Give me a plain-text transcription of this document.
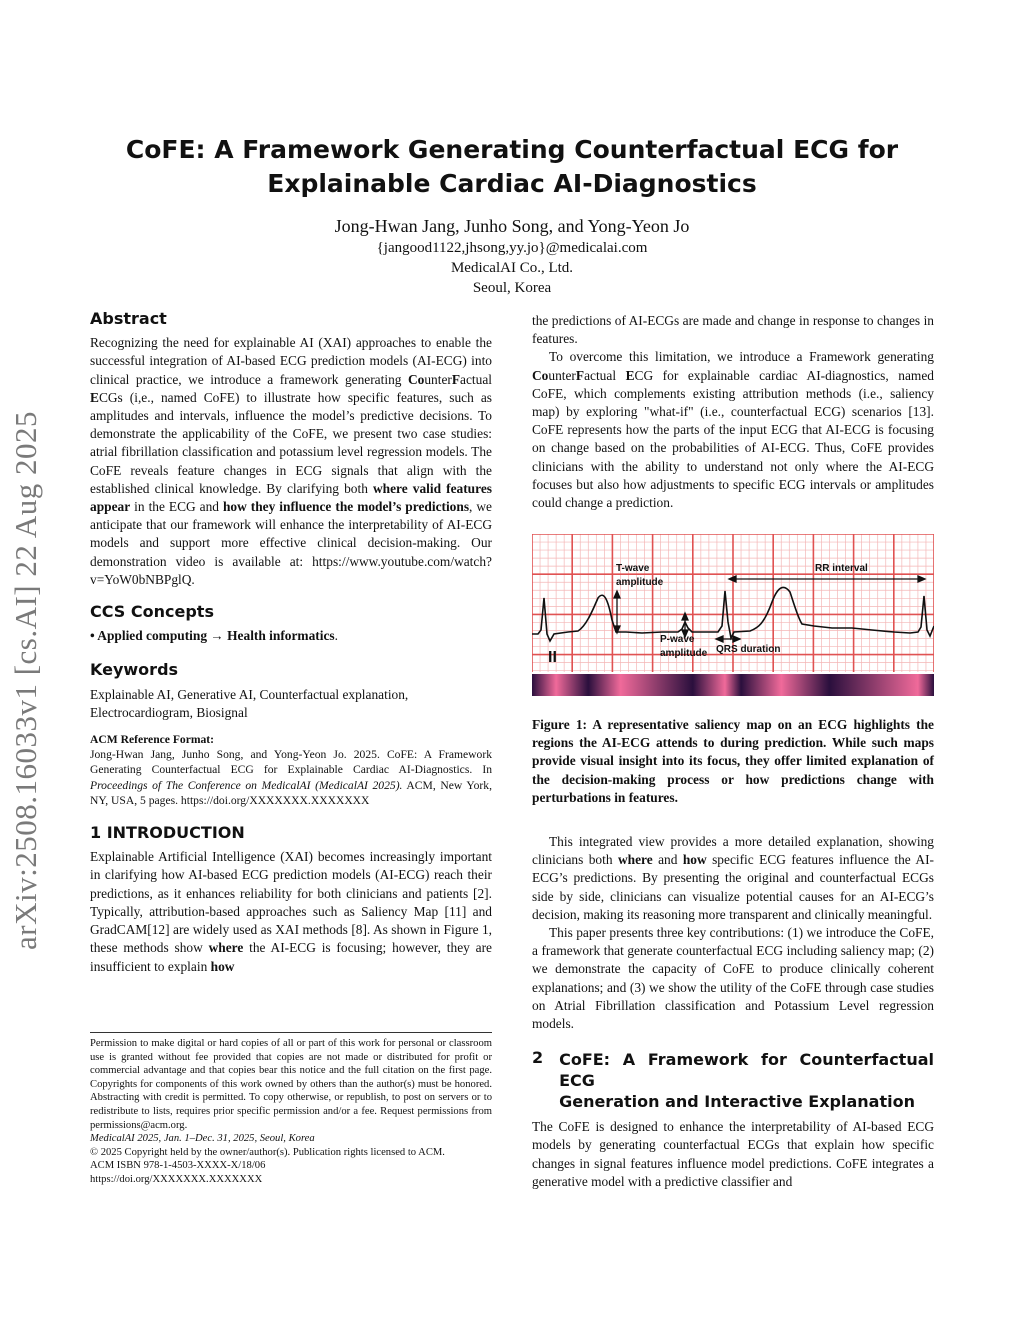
arXiv:2508.16033v1 [cs.AI] 22 Aug 2025
CoFE: A Framework Generating Counterfactual ECG for
Explainable Cardiac AI-Diagnostics
Jong-Hwan Jang, Junho Song, and Yong-Yeon Jo
{jangood1122,jhsong,yy.jo}@medicalai.com
MedicalAI Co., Ltd.
Seoul, Korea
Abstract

Recognizing the need for explainable AI (XAI) approaches to enable the successful integration of AI-based ECG prediction models (AI-ECG) into clinical practice, we introduce a framework generating CounterFactual ECGs (i,e., named CoFE) to illustrate how specific features, such as amplitudes and intervals, influence the model’s predictive decisions. To demonstrate the applicability of the CoFE, we present two case studies: atrial fibrillation classification and potassium level regression models. The CoFE reveals feature changes in ECG signals that align with the established clinical knowledge. By clarifying both where valid features appear in the ECG and how they influence the model’s predictions, we anticipate that our framework will enhance the interpretability of AI-ECG models and support more effective clinical decision-making. Our demonstration video is available at: https://www.youtube.com/watch?v=YoW0bNBPglQ.

CCS Concepts

• Applied computing → Health informatics.

Keywords

Explainable AI, Generative AI, Counterfactual explanation, Electrocardiogram, Biosignal

ACM Reference Format:

Jong-Hwan Jang, Junho Song, and Yong-Yeon Jo. 2025. CoFE: A Framework Generating Counterfactual ECG for Explainable Cardiac AI-Diagnostics. In Proceedings of The Conference on MedicalAI (MedicalAI 2025). ACM, New York, NY, USA, 5 pages. https://doi.org/XXXXXXX.XXXXXXX

1 INTRODUCTION

Explainable Artificial Intelligence (XAI) becomes increasingly important in clarifying how AI-based ECG prediction models (AI-ECG) reach their predictions, as it enhances reliability for both clinicians and patients [2]. Typically, attribution-based approaches such as Saliency Map [11] and GradCAM[12] are widely used as XAI methods [8]. As shown in Figure 1, these methods show where the AI-ECG is focusing; however, they are insufficient to explain how

Permission to make digital or hard copies of all or part of this work for personal or classroom use is granted without fee provided that copies are not made or distributed for profit or commercial advantage and that copies bear this notice and the full citation on the first page. Copyrights for components of this work owned by others than the author(s) must be honored. Abstracting with credit is permitted. To copy otherwise, or republish, to post on servers or to redistribute to lists, requires prior specific permission and/or a fee. Request permissions from permissions@acm.org.

MedicalAI 2025, Jan. 1–Dec. 31, 2025, Seoul, Korea

© 2025 Copyright held by the owner/author(s). Publication rights licensed to ACM.

ACM ISBN 978-1-4503-XXXX-X/18/06

https://doi.org/XXXXXXX.XXXXXXX

the predictions of AI-ECGs are made and change in response to changes in features.

To overcome this limitation, we introduce a Framework generating CounterFactual ECG for explainable cardiac AI-diagnostics, named CoFE, which complements existing attribution methods (i.e., saliency map) by exploring "what-if" (i.e., counterfactual ECG) scenarios [13]. CoFE represents how the parts of the input ECG that AI-ECG is focusing on change based on the probabilities of AI-ECG. Thus, CoFE provides clinicians with the ability to understand not only where the AI-ECG focuses but also how adjustments to specific ECG intervals or amplitudes could change a prediction.

II
T-wave
amplitude
RR interval
P-wave
amplitude QRS duration
Figure 1: A representative saliency map on an ECG highlights the regions the AI-ECG attends to during prediction. While such maps provide visual insight into its focus, they offer limited explanation of the decision-making process or how predictions change with perturbations in features.

This integrated view provides a more detailed explanation, showing clinicians both where and how specific ECG features influence the AI-ECG’s predictions. By presenting the original and counterfactual ECGs side by side, clinicians can visualize potential causes for an AI-ECG’s decision, making its reasoning more transparent and clinically meaningful.

This paper presents three key contributions: (1) we introduce the CoFE, a framework that generate counterfactual ECG including saliency map; (2) we demonstrate the capacity of CoFE to produce clinically coherent explanations; and (3) we show the utility of the CoFE through case studies on Atrial Fibrillation classification and Potassium Level regression models.

2 CoFE: A Framework for Counterfactual ECG
Generation and Interactive Explanation

The CoFE is designed to enhance the interpretability of AI-based ECG models by generating counterfactual ECGs that explain how specific changes in signal features influence model predictions. CoFE integrates a generative model with a predictive classifier and
